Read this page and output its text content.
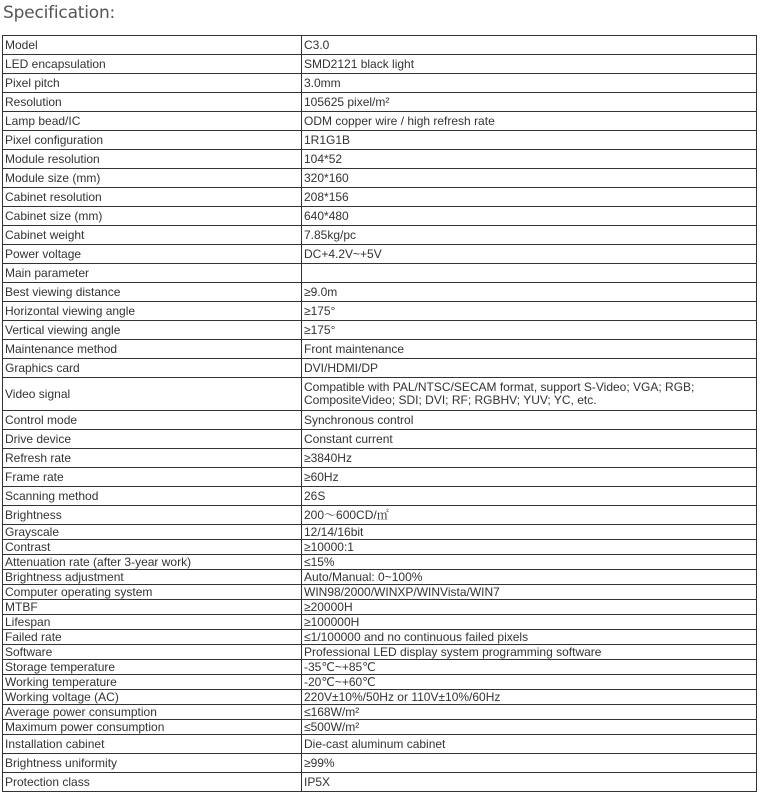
Specification:
Model	C3.0
LED encapsulation	SMD2121 black light
Pixel pitch	3.0mm
Resolution	105625 pixel/m²
Lamp bead/IC	ODM copper wire / high refresh rate
Pixel configuration	1R1G1B
Module resolution	104*52
Module size (mm)	320*160
Cabinet resolution	208*156
Cabinet size (mm)	640*480
Cabinet weight	7.85kg/pc
Power voltage	DC+4.2V~+5V
Main parameter	
Best viewing distance	≥9.0m
Horizontal viewing angle	≥175°
Vertical viewing angle	≥175°
Maintenance method	Front maintenance
Graphics card	DVI/HDMI/DP
Video signal	Compatible with PAL/NTSC/SECAM format, support S-Video; VGA; RGB; CompositeVideo; SDI; DVI; RF; RGBHV; YUV; YC, etc.
Control mode	Synchronous control
Drive device	Constant current
Refresh rate	≥3840Hz
Frame rate	≥60Hz
Scanning method	26S
Brightness	200～600CD/㎡
Grayscale	12/14/16bit
Contrast	≥10000:1
Attenuation rate (after 3-year work)	≤15%
Brightness adjustment	Auto/Manual: 0~100%
Computer operating system	WIN98/2000/WINXP/WINVista/WIN7
MTBF	≥20000H
Lifespan	≥100000H
Failed rate	≤1/100000 and no continuous failed pixels
Software	Professional LED display system programming software
Storage temperature	-35℃~+85℃
Working temperature	-20℃~+60℃
Working voltage (AC)	220V±10%/50Hz or 110V±10%/60Hz
Average power consumption	≤168W/m²
Maximum power consumption	≤500W/m²
Installation cabinet	Die-cast aluminum cabinet
Brightness uniformity	≥99%
Protection class	IP5X
